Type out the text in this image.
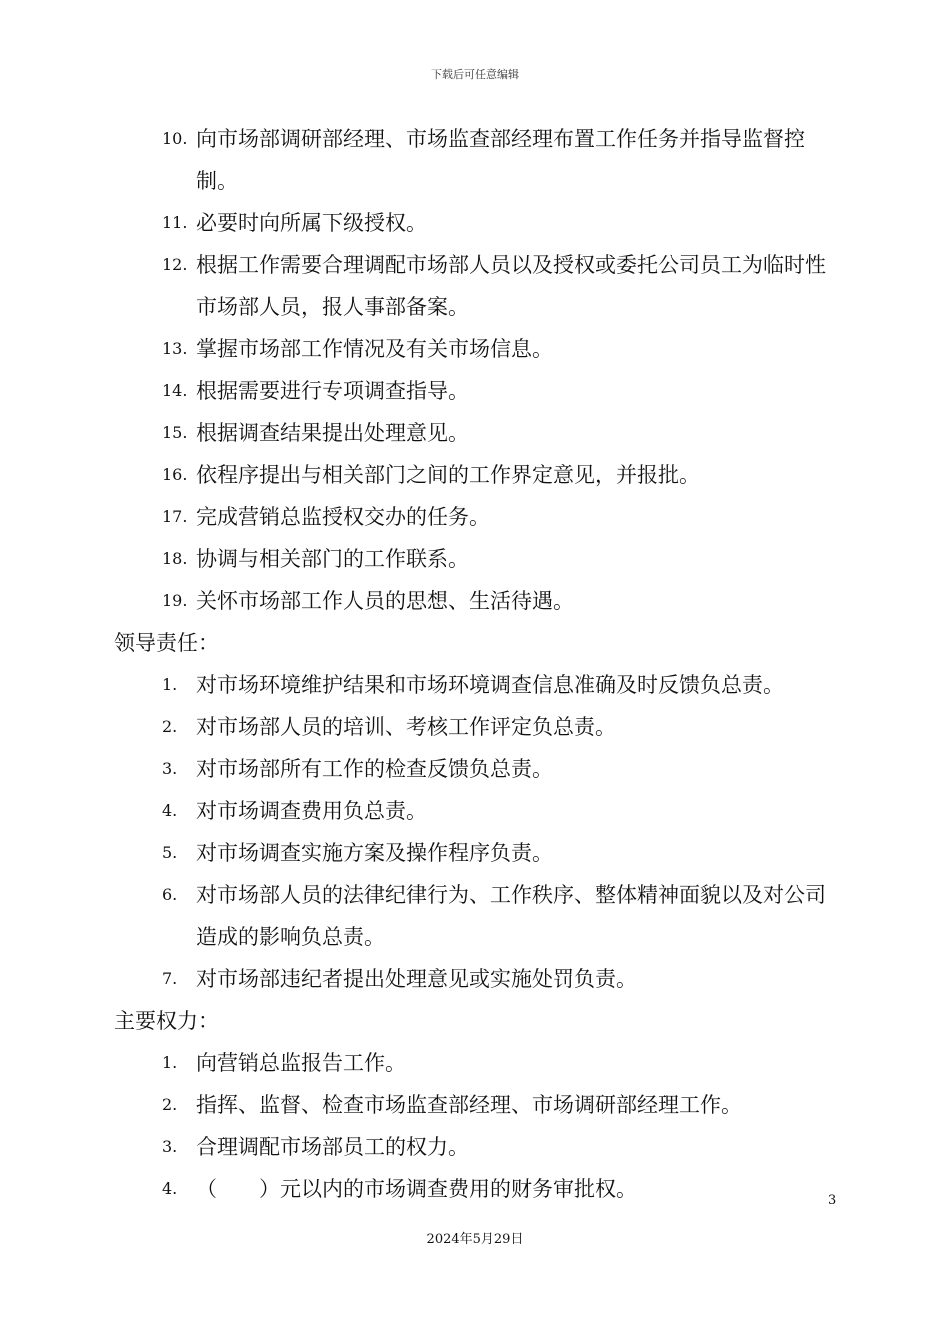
下载后可任意编辑
10. 向市场部调研部经理、市场监查部经理布置工作任务并指导监督控制。
11. 必要时向所属下级授权。
12. 根据工作需要合理调配市场部人员以及授权或委托公司员工为临时性市场部人员，报人事部备案。
13. 掌握市场部工作情况及有关市场信息。
14. 根据需要进行专项调查指导。
15. 根据调查结果提出处理意见。
16. 依程序提出与相关部门之间的工作界定意见，并报批。
17. 完成营销总监授权交办的任务。
18. 协调与相关部门的工作联系。
19. 关怀市场部工作人员的思想、生活待遇。
领导责任：
1. 对市场环境维护结果和市场环境调查信息准确及时反馈负总责。
2. 对市场部人员的培训、考核工作评定负总责。
3. 对市场部所有工作的检查反馈负总责。
4. 对市场调查费用负总责。
5. 对市场调查实施方案及操作程序负责。
6. 对市场部人员的法律纪律行为、工作秩序、整体精神面貌以及对公司造成的影响负总责。
7. 对市场部违纪者提出处理意见或实施处罚负责。
主要权力：
1. 向营销总监报告工作。
2. 指挥、监督、检查市场监查部经理、市场调研部经理工作。
3. 合理调配市场部员工的权力。
4. （　　）元以内的市场调查费用的财务审批权。	3
2024年5月29日
